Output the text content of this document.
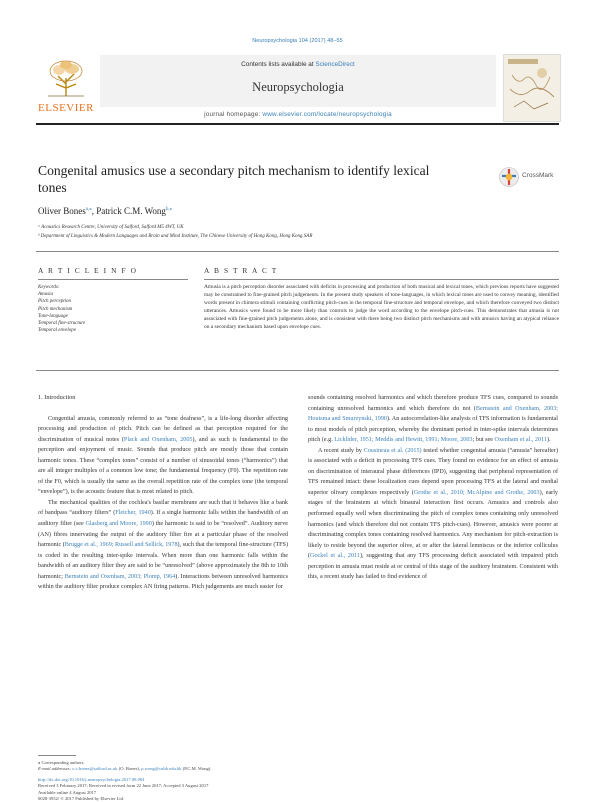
Neuropsychologia 104 (2017) 48–55
ELSEVIER
Contents lists available at ScienceDirect
Neuropsychologia
journal homepage: www.elsevier.com/locate/neuropsychologia
Congenital amusics use a secondary pitch mechanism to identify lexical tones
CrossMark
Oliver Bones$^{a,⁎}$, Patrick C.M. Wong$^{b,⁎}$
ᵃ Acoustics Research Centre, University of Salford, Salford M5 4WT, UK
ᵇ Department of Linguistics & Modern Languages and Brain and Mind Institute, The Chinese University of Hong Kong, Hong Kong SAR
A R T I C L E I N F O	A B S T R A C T
Keywords:
Amusia
Pitch perception
Pitch mechanism
Tone-language
Temporal fine-structure
Temporal envelope
Amusia is a pitch perception disorder associated with deficits in processing and production of both musical and lexical tones, which previous reports have suggested may be constrained to fine-grained pitch judgements. In the present study speakers of tone-languages, in which lexical tones are used to convey meaning, identified words present in chimera stimuli containing conflicting pitch-cues in the temporal fine-structure and temporal envelope, and which therefore conveyed two distinct utterances. Amusics were found to be more likely than controls to judge the word according to the envelope pitch-cues. This demonstrates that amusia is not associated with fine-grained pitch judgements alone, and is consistent with there being two distinct pitch mechanisms and with amusics having an atypical reliance on a secondary mechanism based upon envelope cues.
1. Introduction

Congenital amusia, commonly referred to as “tone deafness”, is a life-long disorder affecting processing and production of pitch. Pitch can be defined as that perception required for the discrimination of musical notes (Plack and Oxenham, 2005), and as such is fundamental to the perception and enjoyment of music. Sounds that produce pitch are mostly those that contain harmonic tones. These “complex tones” consist of a number of sinusoidal tones (“harmonics”) that are all integer multiples of a common low tone; the fundamental frequency (F0). The repetition rate of the F0, which is usually the same as the overall repetition rate of the complex tone (the temporal “envelope”), is the acoustic feature that is most related to pitch.

The mechanical qualities of the cochlea's basilar membrane are such that it behaves like a bank of bandpass “auditory filters” (Fletcher, 1940). If a single harmonic falls within the bandwidth of an auditory filter (see Glasberg and Moore, 1990) the harmonic is said to be “resolved”. Auditory nerve (AN) fibres innervating the output of the auditory filter fire at a particular phase of the resolved harmonic (Brugge et al., 1969; Russell and Sellick, 1978), such that the temporal fine-structure (TFS) is coded in the resulting inter-spike intervals. When more than one harmonic falls within the bandwidth of an auditory filter they are said to be “unresolved” (above approximately the 8th to 10th harmonic; Bernstein and Oxenham, 2003; Plomp, 1964). Interactions between unresolved harmonics within the auditory filter produce complex AN firing patterns. Pitch judgements are much easier for

sounds containing resolved harmonics and which therefore produce TFS cues, compared to sounds containing unresolved harmonics and which therefore do not (Bernstein and Oxenham, 2003; Houtsma and Smurzynski, 1990). An autocorrelation-like analysis of TFS information is fundamental to most models of pitch perception, whereby the dominant period in inter-spike intervals determines pitch (e.g. Licklider, 1951; Meddis and Hewitt, 1991; Moore, 2003; but see Oxenham et al., 2011).

A recent study by Cousineau et al. (2015) tested whether congenital amusia (“amusia” hereafter) is associated with a deficit in processing TFS cues. They found no evidence for an effect of amusia on discrimination of interaural phase differences (IPD), suggesting that peripheral representation of TFS remained intact: these localization cues depend upon processing TFS at the lateral and medial superior olivary complexes respectively (Grothe et al., 2010; McAlpine and Grothe, 2003), early stages of the brainstem at which binaural interaction first occurs. Amusics and controls also performed equally well when discriminating the pitch of complex tones containing only unresolved harmonics (and which therefore did not contain TFS pitch-cues). However, amusics were poorer at discriminating complex tones containing resolved harmonics. Any mechanism for pitch-extraction is likely to reside beyond the superior olive, at or after the lateral lemniscus or the inferior colliculus (Gockel et al., 2011), suggesting that any TFS processing deficit associated with impaired pitch perception in amusia must reside at or central of this stage of the auditory brainstem. Consistent with this, a recent study has failed to find evidence of

⁎ Corresponding authors.
E-mail addresses: o.c.bones@salford.ac.uk (O. Bones), p.wong@cuhk.edu.hk (P.C.M. Wong).
http://dx.doi.org/10.1016/j.neuropsychologia.2017.08.004
Received 3 February 2017; Received in revised form 22 June 2017; Accepted 3 August 2017
Available online 4 August 2017
0028-3932/ © 2017 Published by Elsevier Ltd.
